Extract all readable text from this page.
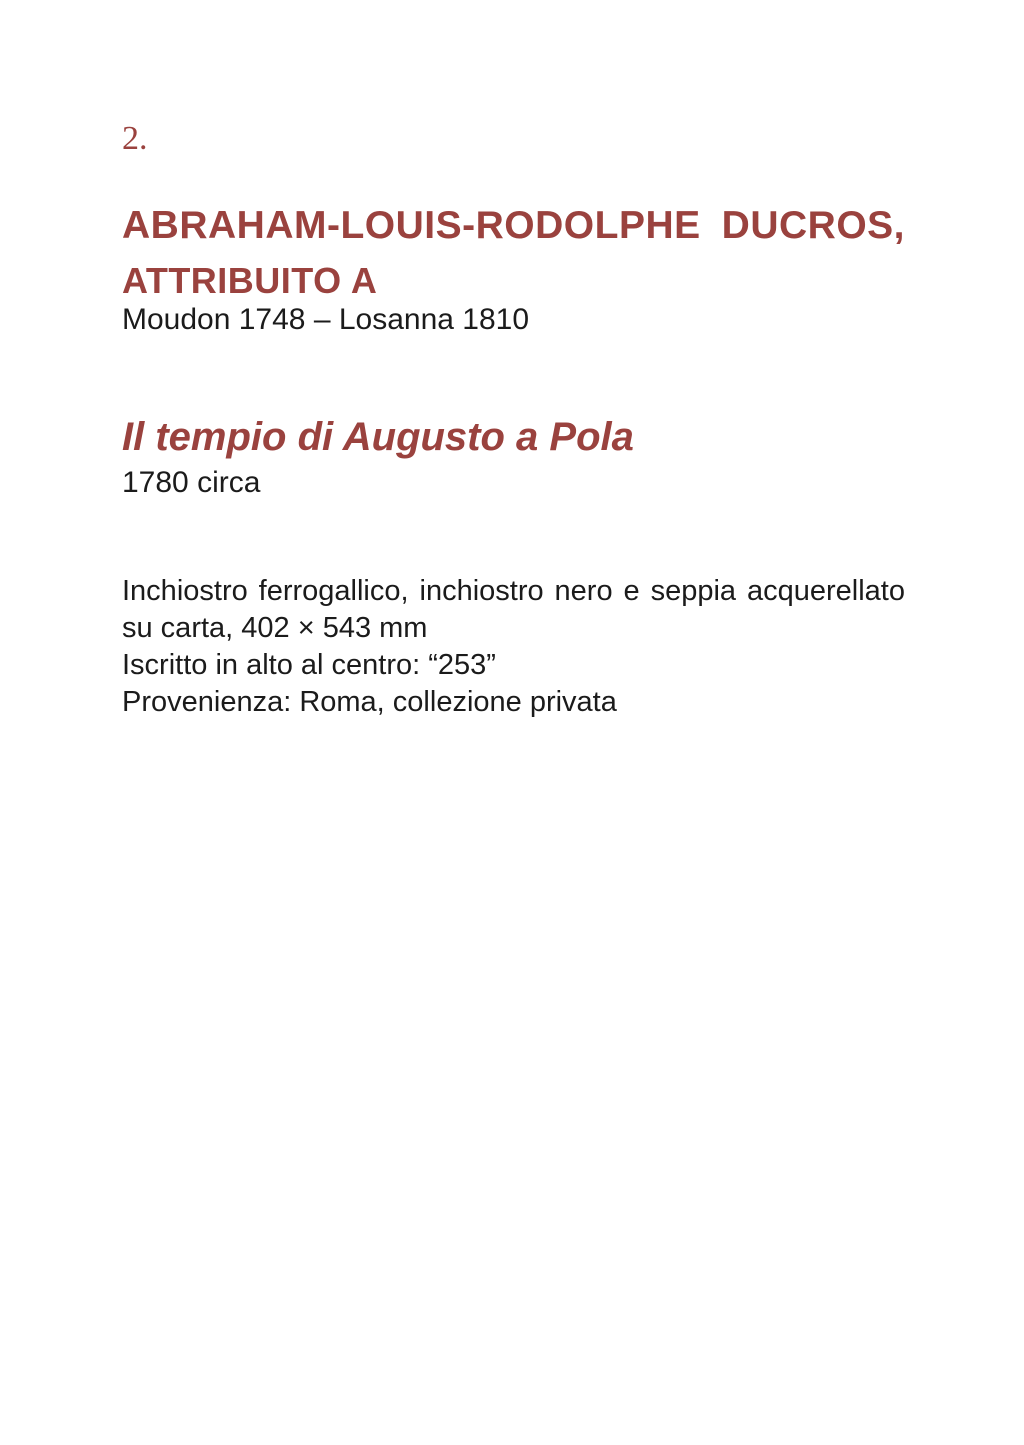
2.
ABRAHAM-LOUIS-RODOLPHE DUCROS,
ATTRIBUITO A
Moudon 1748 – Losanna 1810
Il tempio di Augusto a Pola
1780 circa
Inchiostro ferrogallico, inchiostro nero e seppia acquerellato
su carta, 402 × 543 mm
Iscritto in alto al centro: “253”
Provenienza: Roma, collezione privata
